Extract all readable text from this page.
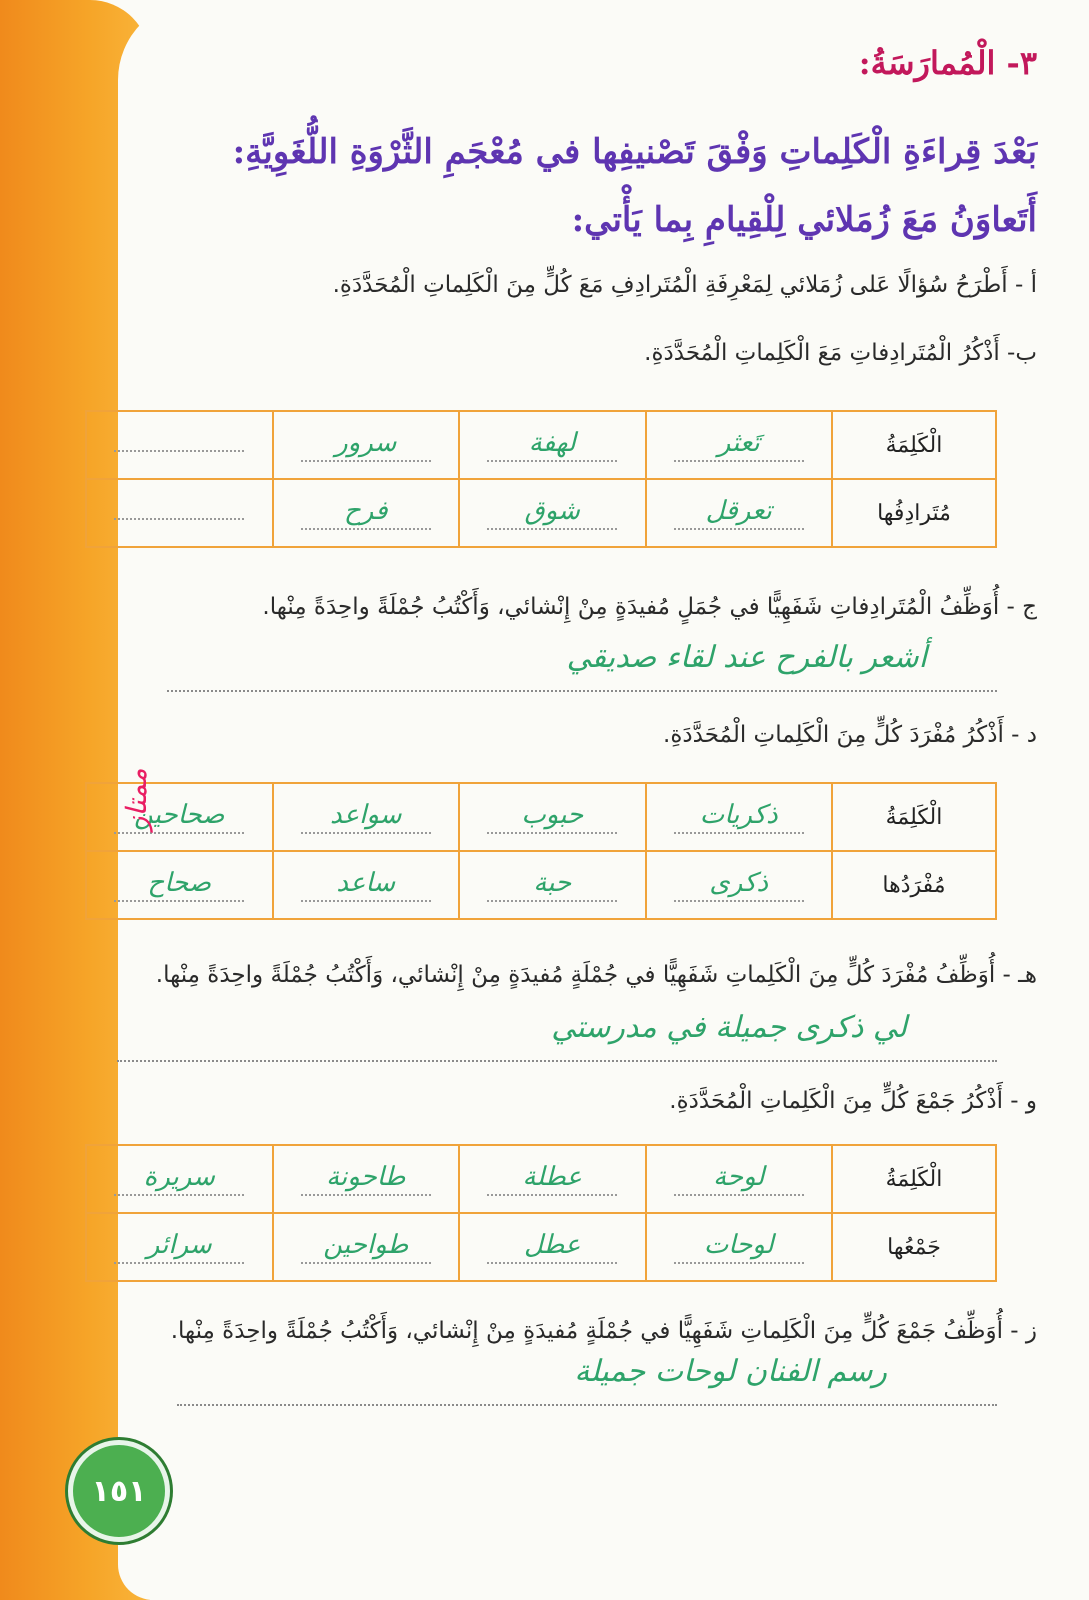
٣- الْمُمارَسَةُ:
بَعْدَ قِراءَةِ الْكَلِماتِ وَفْقَ تَصْنيفِها في مُعْجَمِ الثَّرْوَةِ اللُّغَوِيَّةِ: أَتَعاوَنُ مَعَ زُمَلائي لِلْقِيامِ بِما يَأْتي:
أ - أَطْرَحُ سُؤالًا عَلى زُمَلائي لِمَعْرِفَةِ الْمُتَرادِفِ مَعَ كُلٍّ مِنَ الْكَلِماتِ الْمُحَدَّدَةِ.
ب- أَذْكُرُ الْمُتَرادِفاتِ مَعَ الْكَلِماتِ الْمُحَدَّدَةِ.
الْكَلِمَةُ	تَعثر	لهفة	سرور	
مُتَرادِفُها	تعرقل	شوق	فرح	
ج - أُوَظِّفُ الْمُتَرادِفاتِ شَفَهِيًّا في جُمَلٍ مُفيدَةٍ مِنْ إِنْشائي، وَأَكْتُبُ جُمْلَةً واحِدَةً مِنْها.
أشعر بالفرح عند لقاء صديقي
د - أَذْكُرُ مُفْرَدَ كُلٍّ مِنَ الْكَلِماتِ الْمُحَدَّدَةِ.
الْكَلِمَةُ	ذكريات	حبوب	سواعد	صحاحين
مُفْرَدُها	ذكرى	حبة	ساعد	صحاح
هـ - أُوَظِّفُ مُفْرَدَ كُلٍّ مِنَ الْكَلِماتِ شَفَهِيًّا في جُمْلَةٍ مُفيدَةٍ مِنْ إِنْشائي، وَأَكْتُبُ جُمْلَةً واحِدَةً مِنْها.
لي ذكرى جميلة في مدرستي
و - أَذْكُرُ جَمْعَ كُلٍّ مِنَ الْكَلِماتِ الْمُحَدَّدَةِ.
الْكَلِمَةُ	لوحة	عطلة	طاحونة	سريرة
جَمْعُها	لوحات	عطل	طواحين	سرائر
ز - أُوَظِّفُ جَمْعَ كُلٍّ مِنَ الْكَلِماتِ شَفَهِيًّا في جُمْلَةٍ مُفيدَةٍ مِنْ إِنْشائي، وَأَكْتُبُ جُمْلَةً واحِدَةً مِنْها.
رسم الفنان لوحات جميلة
ممتاز
١٥١
